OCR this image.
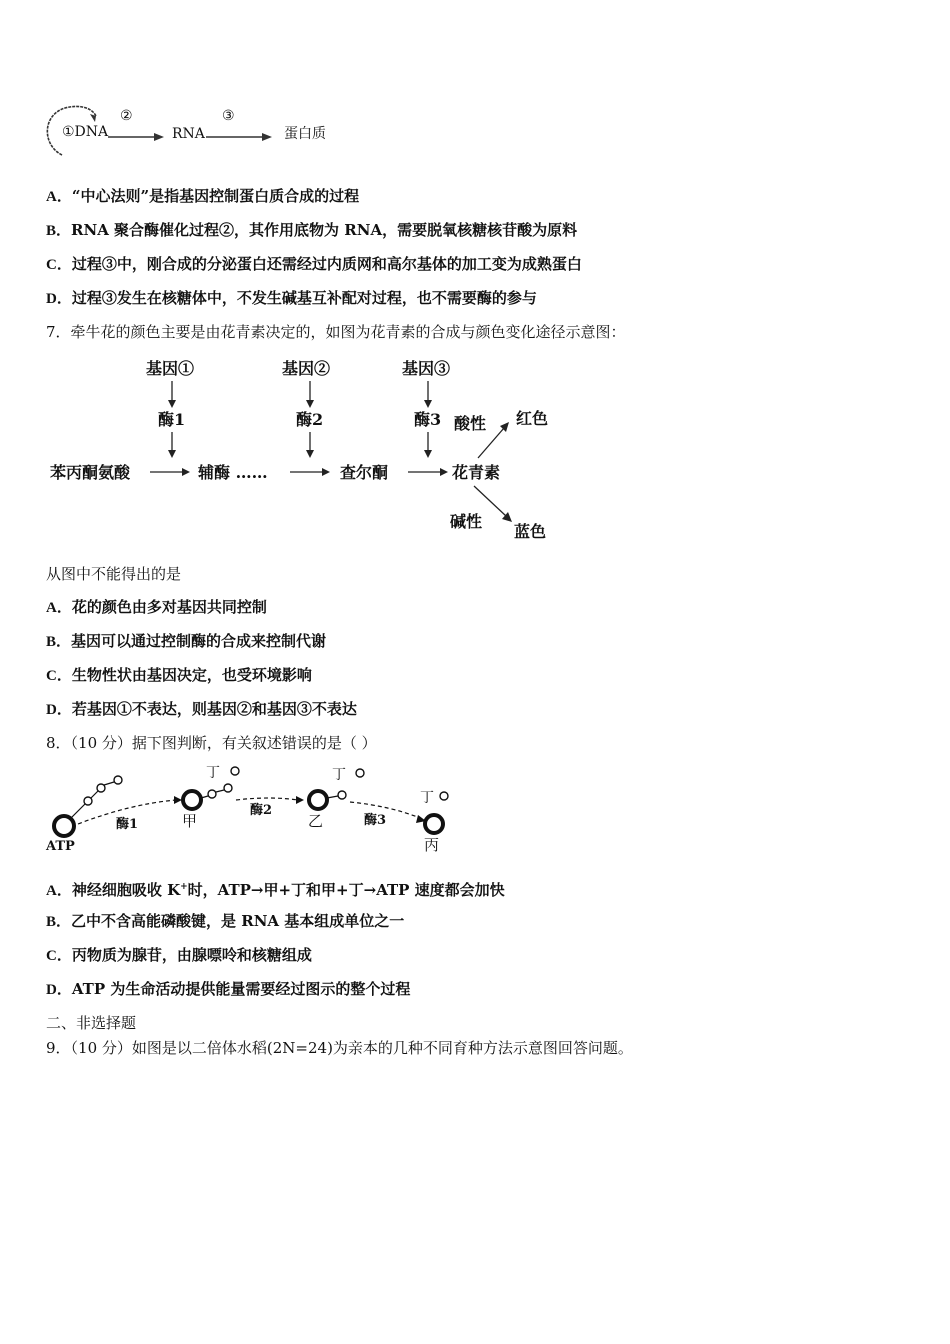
①DNA
②
RNA
③
蛋白质
A．“中心法则”是指基因控制蛋白质合成的过程
B．RNA 聚合酶催化过程②，其作用底物为 RNA，需要脱氧核糖核苷酸为原料
C．过程③中，刚合成的分泌蛋白还需经过内质网和高尔基体的加工变为成熟蛋白
D．过程③发生在核糖体中，不发生碱基互补配对过程，也不需要酶的参与
7．牵牛花的颜色主要是由花青素决定的，如图为花青素的合成与颜色变化途径示意图：
基因①	基因②	基因③
酶1	酶2	酶3 酸性 红色
苯丙酮氨酸	辅酶 ……	查尔酮	花青素
碱性
蓝色
从图中不能得出的是
A．花的颜色由多对基因共同控制
B．基因可以通过控制酶的合成来控制代谢
C．生物性状由基因决定，也受环境影响
D．若基因①不表达，则基因②和基因③不表达
8．（10 分）据下图判断，有关叙述错误的是（ ）
ATP
酶1	甲
丁
酶2
乙
丁
酶3
丙
丁
A．神经细胞吸收 K+时，ATP→甲+丁和甲+丁→ATP 速度都会加快
B．乙中不含高能磷酸键，是 RNA 基本组成单位之一
C．丙物质为腺苷，由腺嘌呤和核糖组成
D．ATP 为生命活动提供能量需要经过图示的整个过程
二、非选择题
9．（10 分）如图是以二倍体水稻(2N=24)为亲本的几种不同育种方法示意图回答问题。
